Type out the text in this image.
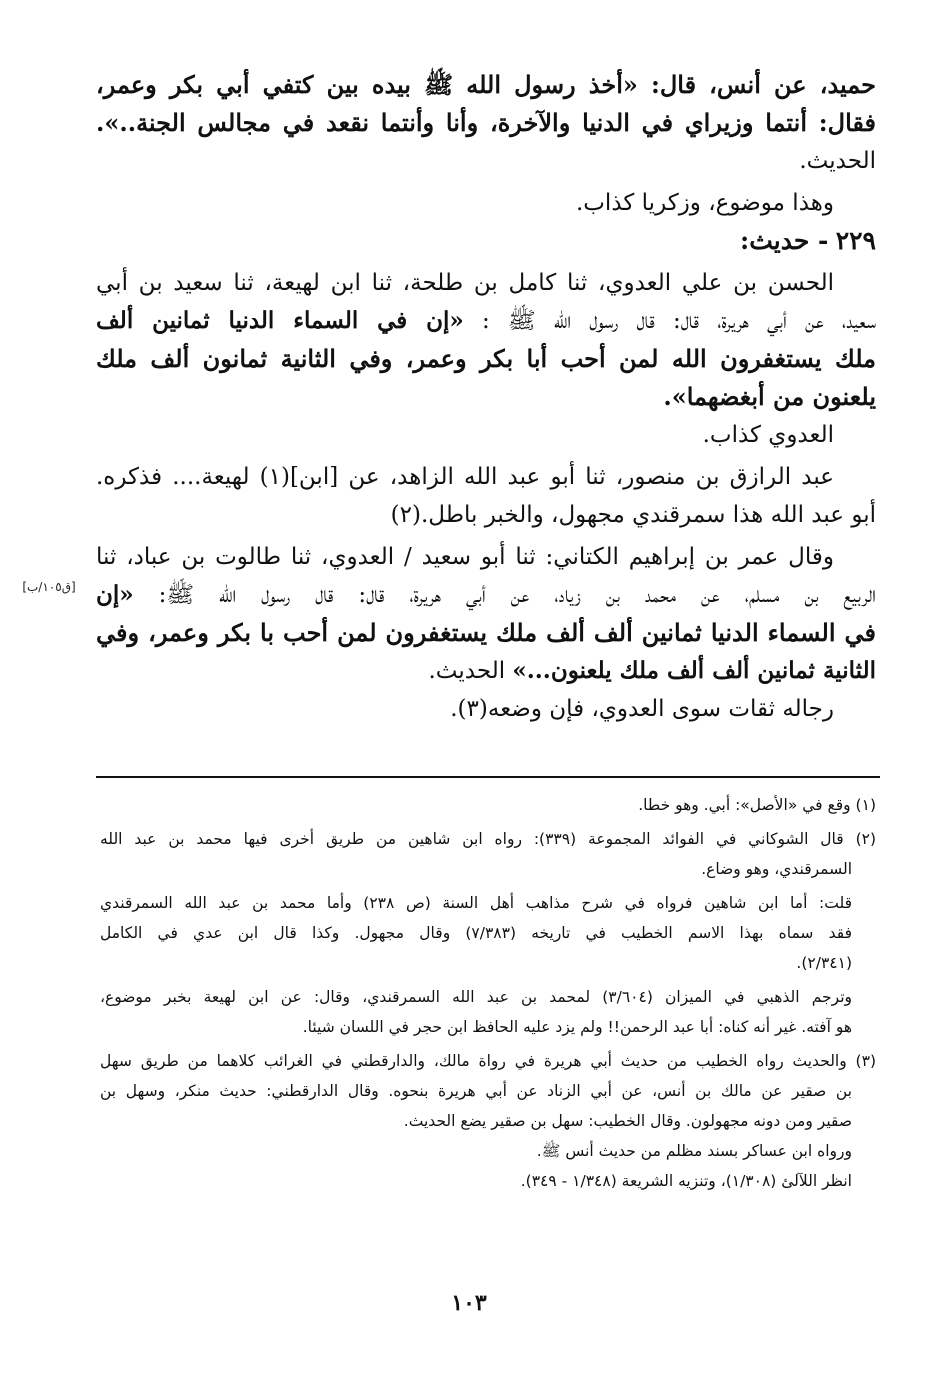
حميد، عن أنس، قال: «أخذ رسول الله ﷺ بيده بين كتفي أبي بكر وعمر،
فقال: أنتما وزيراي في الدنيا والآخرة، وأنا وأنتما نقعد في مجالس الجنة..».
الحديث.
وهذا موضوع، وزكريا كذاب.
٢٢٩ - حديث:
الحسن بن علي العدوي، ثنا كامل بن طلحة، ثنا ابن لهيعة، ثنا سعيد بن أبي
سعيد، عن أبي هريرة، قال: قال رسول الله ﷺ : «إن في السماء الدنيا ثمانين ألف
ملك يستغفرون الله لمن أحب أبا بكر وعمر، وفي الثانية ثمانون ألف ملك
يلعنون من أبغضهما».
العدوي كذاب.
عبد الرازق بن منصور، ثنا أبو عبد الله الزاهد، عن [ابن](١) لهيعة.... فذكره.
أبو عبد الله هذا سمرقندي مجهول، والخبر باطل.(٢)
وقال عمر بن إبراهيم الكتاني: ثنا أبو سعيد / العدوي، ثنا طالوت بن عباد، ثنا
الربيع بن مسلم، عن محمد بن زياد، عن أبي هريرة، قال: قال رسول الله ﷺ: «إن
في السماء الدنيا ثمانين ألف ألف ملك يستغفرون لمن أحب با بكر وعمر، وفي
الثانية ثمانين ألف ألف ملك يلعنون...» الحديث.
رجاله ثقات سوى العدوي، فإن وضعه(٣).
[ق١٠٥/ب]
(١) وقع في «الأصل»: أبي. وهو خطا.
(٢) قال الشوكاني في الفوائد المجموعة (٣٣٩): رواه ابن شاهين من طريق أخرى فيها محمد بن عبد الله
السمرقندي، وهو وضاع.
قلت: أما ابن شاهين فرواه في شرح مذاهب أهل السنة (ص ٢٣٨) وأما محمد بن عبد الله السمرقندي
فقد سماه بهذا الاسم الخطيب في تاريخه (٧/٣٨٣) وقال مجهول. وكذا قال ابن عدي في الكامل
(٢/٣٤١).
وترجم الذهبي في الميزان (٣/٦٠٤) لمحمد بن عبد الله السمرقندي، وقال: عن ابن لهيعة بخبر موضوع،
هو آفته. غير أنه كناه: أبا عبد الرحمن!! ولم يزد عليه الحافظ ابن حجر في اللسان شيئا.
(٣) والحديث رواه الخطيب من حديث أبي هريرة في رواة مالك، والدارقطني في الغرائب كلاهما من طريق سهل
بن صقير عن مالك بن أنس، عن أبي الزناد عن أبي هريرة بنحوه. وقال الدارقطني: حديث منكر، وسهل بن
صقير ومن دونه مجهولون. وقال الخطيب: سهل بن صقير يضع الحديث.
ورواه ابن عساكر بسند مظلم من حديث أنس ﷺ.
انظر اللآلئ (١/٣٠٨)، وتنزيه الشريعة (١/٣٤٨ - ٣٤٩).
١٠٣
